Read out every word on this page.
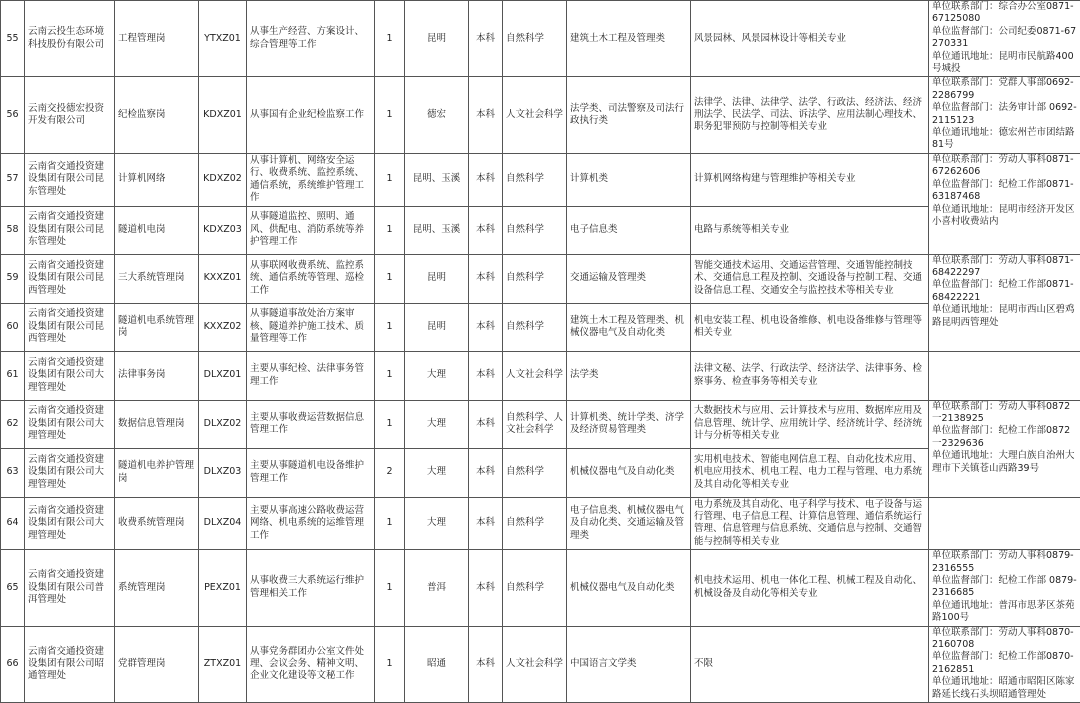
55	云南云投生态环境科技股份有限公司	工程管理岗	YTXZ01	从事生产经营、方案设计、综合管理等工作	1	昆明	本科	自然科学	建筑土木工程及管理类	风景园林、风景园林设计等相关专业	单位联系部门：综合办公室0871-67125080
单位监督部门：公司纪委0871-67270331
单位通讯地址：昆明市民航路400号城投

56	云南交投德宏投资开发有限公司	纪检监察岗	KDXZ01	从事国有企业纪检监察工作	1	德宏	本科	人文社会科学	法学类、司法警察及司法行政执行类	法律学、法律、法律学、法学、行政法、经济法、经济刑法学、民法学、司法、诉法学、应用法制心理技术、职务犯罪预防与控制等相关专业	单位联系部门：党群人事部0692-2286799
单位监督部门：法务审计部 0692-2115123
单位通讯地址：德宏州芒市团结路81号

57	云南省交通投资建设集团有限公司昆东管理处	计算机网络	KDXZ02	从事计算机、网络安全运行、收费系统、监控系统、通信系统，系统维护管理工作	1	昆明、玉溪	本科	自然科学	计算机类	计算机网络构建与管理维护等相关专业	单位联系部门：劳动人事科0871-67262606
单位监督部门：纪检工作部0871-63187468
单位通讯地址：昆明市经济开发区小喜村收费站内

58	云南省交通投资建设集团有限公司昆东管理处	隧道机电岗	KDXZ03	从事隧道监控、照明、通风、供配电、消防系统等养护管理工作	1	昆明、玉溪	本科	自然科学	电子信息类	电路与系统等相关专业	
59	云南省交通投资建设集团有限公司昆西管理处	三大系统管理岗	KXXZ01	从事联网收费系统、监控系统、通信系统等管理、巡检工作	1	昆明	本科	自然科学	交通运输及管理类	智能交通技术运用、交通运营管理、交通智能控制技术、交通信息工程及控制、交通设备与控制工程、交通设备信息工程、交通安全与监控技术等相关专业	单位联系部门：劳动人事科0871-68422297
单位监督部门：纪检工作部0871-68422221
单位通讯地址：昆明市西山区碧鸡路昆明西管理处

60	云南省交通投资建设集团有限公司昆西管理处	隧道机电系统管理岗	KXXZ02	从事隧道事故处治方案审核、隧道养护施工技术、质量管理等工作	1	昆明	本科	自然科学	建筑土木工程及管理类、机械仪器电气及自动化类	机电安装工程、机电设备维修、机电设备维修与管理等相关专业	
61	云南省交通投资建设集团有限公司大理管理处	法律事务岗	DLXZ01	主要从事纪检、法律事务管理工作	1	大理	本科	人文社会科学	法学类	法律文秘、法学、行政法学、经济法学、法律事务、检察事务、检查事务等相关专业	
62	云南省交通投资建设集团有限公司大理管理处	数据信息管理岗	DLXZ02	主要从事收费运营数据信息管理工作	1	大理	本科	自然科学、人文社会科学	计算机类、统计学类、济学及经济贸易管理类	大数据技术与应用、云计算技术与应用、数据库应用及信息管理、统计学、应用统计学、经济统计学、经济统计与分析等相关专业	单位联系部门：劳动人事科0872一2138925
单位监督部门：纪检工作部0872一2329636
单位通讯地址：大理白族自治州大理市下关镇苍山西路39号

63	云南省交通投资建设集团有限公司大理管理处	隧道机电养护管理岗	DLXZ03	主要从事隧道机电设备维护管理工作	2	大理	本科	自然科学	机械仪器电气及自动化类	实用机电技术、智能电网信息工程、自动化技术应用、机电应用技术、机电工程、电力工程与管理、电力系统及其自动化等相关专业	
64	云南省交通投资建设集团有限公司大理管理处	收费系统管理岗	DLXZ04	主要从事高速公路收费运营网络、机电系统的运维管理工作	1	大理	本科	自然科学	电子信息类、机械仪器电气及自动化类、交通运输及管理类	电力系统及其自动化、电子科学与技术、电子设备与运行管理、电子信息工程、计算信息管理、通信系统运行管理、信息管理与信息系统、交通信息与控制、交通智能与控制等相关专业	
65	云南省交通投资建设集团有限公司普洱管理处	系统管理岗	PEXZ01	从事收费三大系统运行维护管理相关工作	1	普洱	本科	自然科学	机械仪器电气及自动化类	机电技术运用、机电一体化工程、机械工程及自动化、机械设备及自动化等相关专业	单位联系部门：劳动人事科0879-2316555
单位监督部门：纪检工作部 0879-2316685
单位通讯地址：普洱市思茅区茶苑路100号

66	云南省交通投资建设集团有限公司昭通管理处	党群管理岗	ZTXZ01	从事党务群团办公室文件处理、会议会务、精神文明、企业文化建设等文秘工作	1	昭通	本科	人文社会科学	中国语言文学类	不限	单位联系部门：劳动人事科0870-2160708
单位监督部门：纪检工作部0870-2162851
单位通讯地址：昭通市昭阳区陈家路延长线石头坝昭通管理处
